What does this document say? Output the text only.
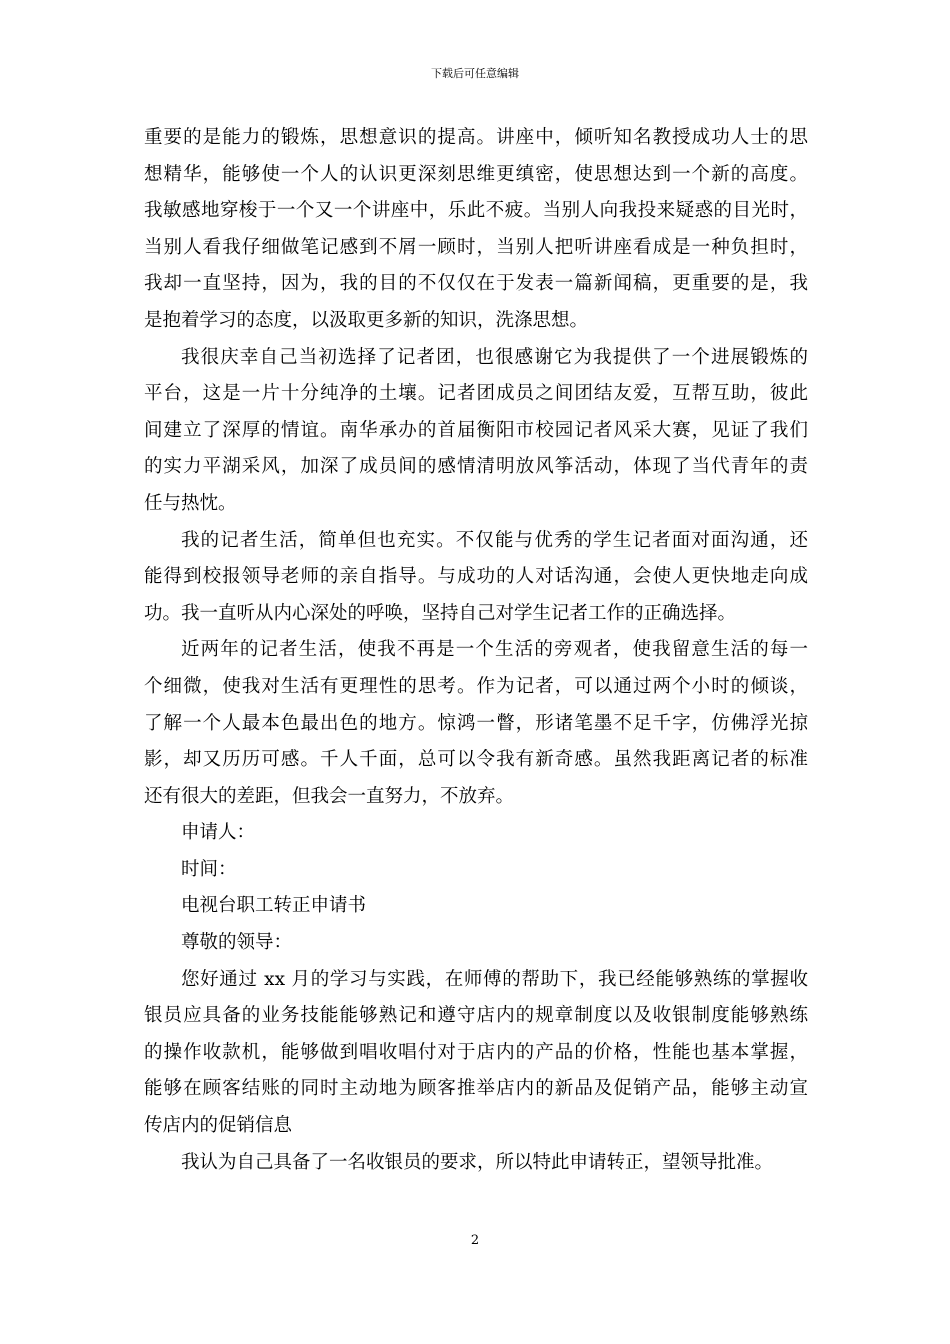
下载后可任意编辑
重要的是能力的锻炼，思想意识的提高。讲座中，倾听知名教授成功人士的思
想精华，能够使一个人的认识更深刻思维更缜密，使思想达到一个新的高度。
我敏感地穿梭于一个又一个讲座中，乐此不疲。当别人向我投来疑惑的目光时，
当别人看我仔细做笔记感到不屑一顾时，当别人把听讲座看成是一种负担时，
我却一直坚持，因为，我的目的不仅仅在于发表一篇新闻稿，更重要的是，我
是抱着学习的态度，以汲取更多新的知识，洗涤思想。
我很庆幸自己当初选择了记者团，也很感谢它为我提供了一个进展锻炼的
平台，这是一片十分纯净的土壤。记者团成员之间团结友爱，互帮互助，彼此
间建立了深厚的情谊。南华承办的首届衡阳市校园记者风采大赛，见证了我们
的实力平湖采风，加深了成员间的感情清明放风筝活动，体现了当代青年的责
任与热忱。
我的记者生活，简单但也充实。不仅能与优秀的学生记者面对面沟通，还
能得到校报领导老师的亲自指导。与成功的人对话沟通，会使人更快地走向成
功。我一直听从内心深处的呼唤，坚持自己对学生记者工作的正确选择。
近两年的记者生活，使我不再是一个生活的旁观者，使我留意生活的每一
个细微，使我对生活有更理性的思考。作为记者，可以通过两个小时的倾谈，
了解一个人最本色最出色的地方。惊鸿一瞥，形诸笔墨不足千字，仿佛浮光掠
影，却又历历可感。千人千面，总可以令我有新奇感。虽然我距离记者的标准
还有很大的差距，但我会一直努力，不放弃。
申请人：
时间：
电视台职工转正申请书
尊敬的领导：
您好通过 xx 月的学习与实践，在师傅的帮助下，我已经能够熟练的掌握收
银员应具备的业务技能能够熟记和遵守店内的规章制度以及收银制度能够熟练
的操作收款机，能够做到唱收唱付对于店内的产品的价格，性能也基本掌握，
能够在顾客结账的同时主动地为顾客推举店内的新品及促销产品，能够主动宣
传店内的促销信息
我认为自己具备了一名收银员的要求，所以特此申请转正，望领导批准。
2
